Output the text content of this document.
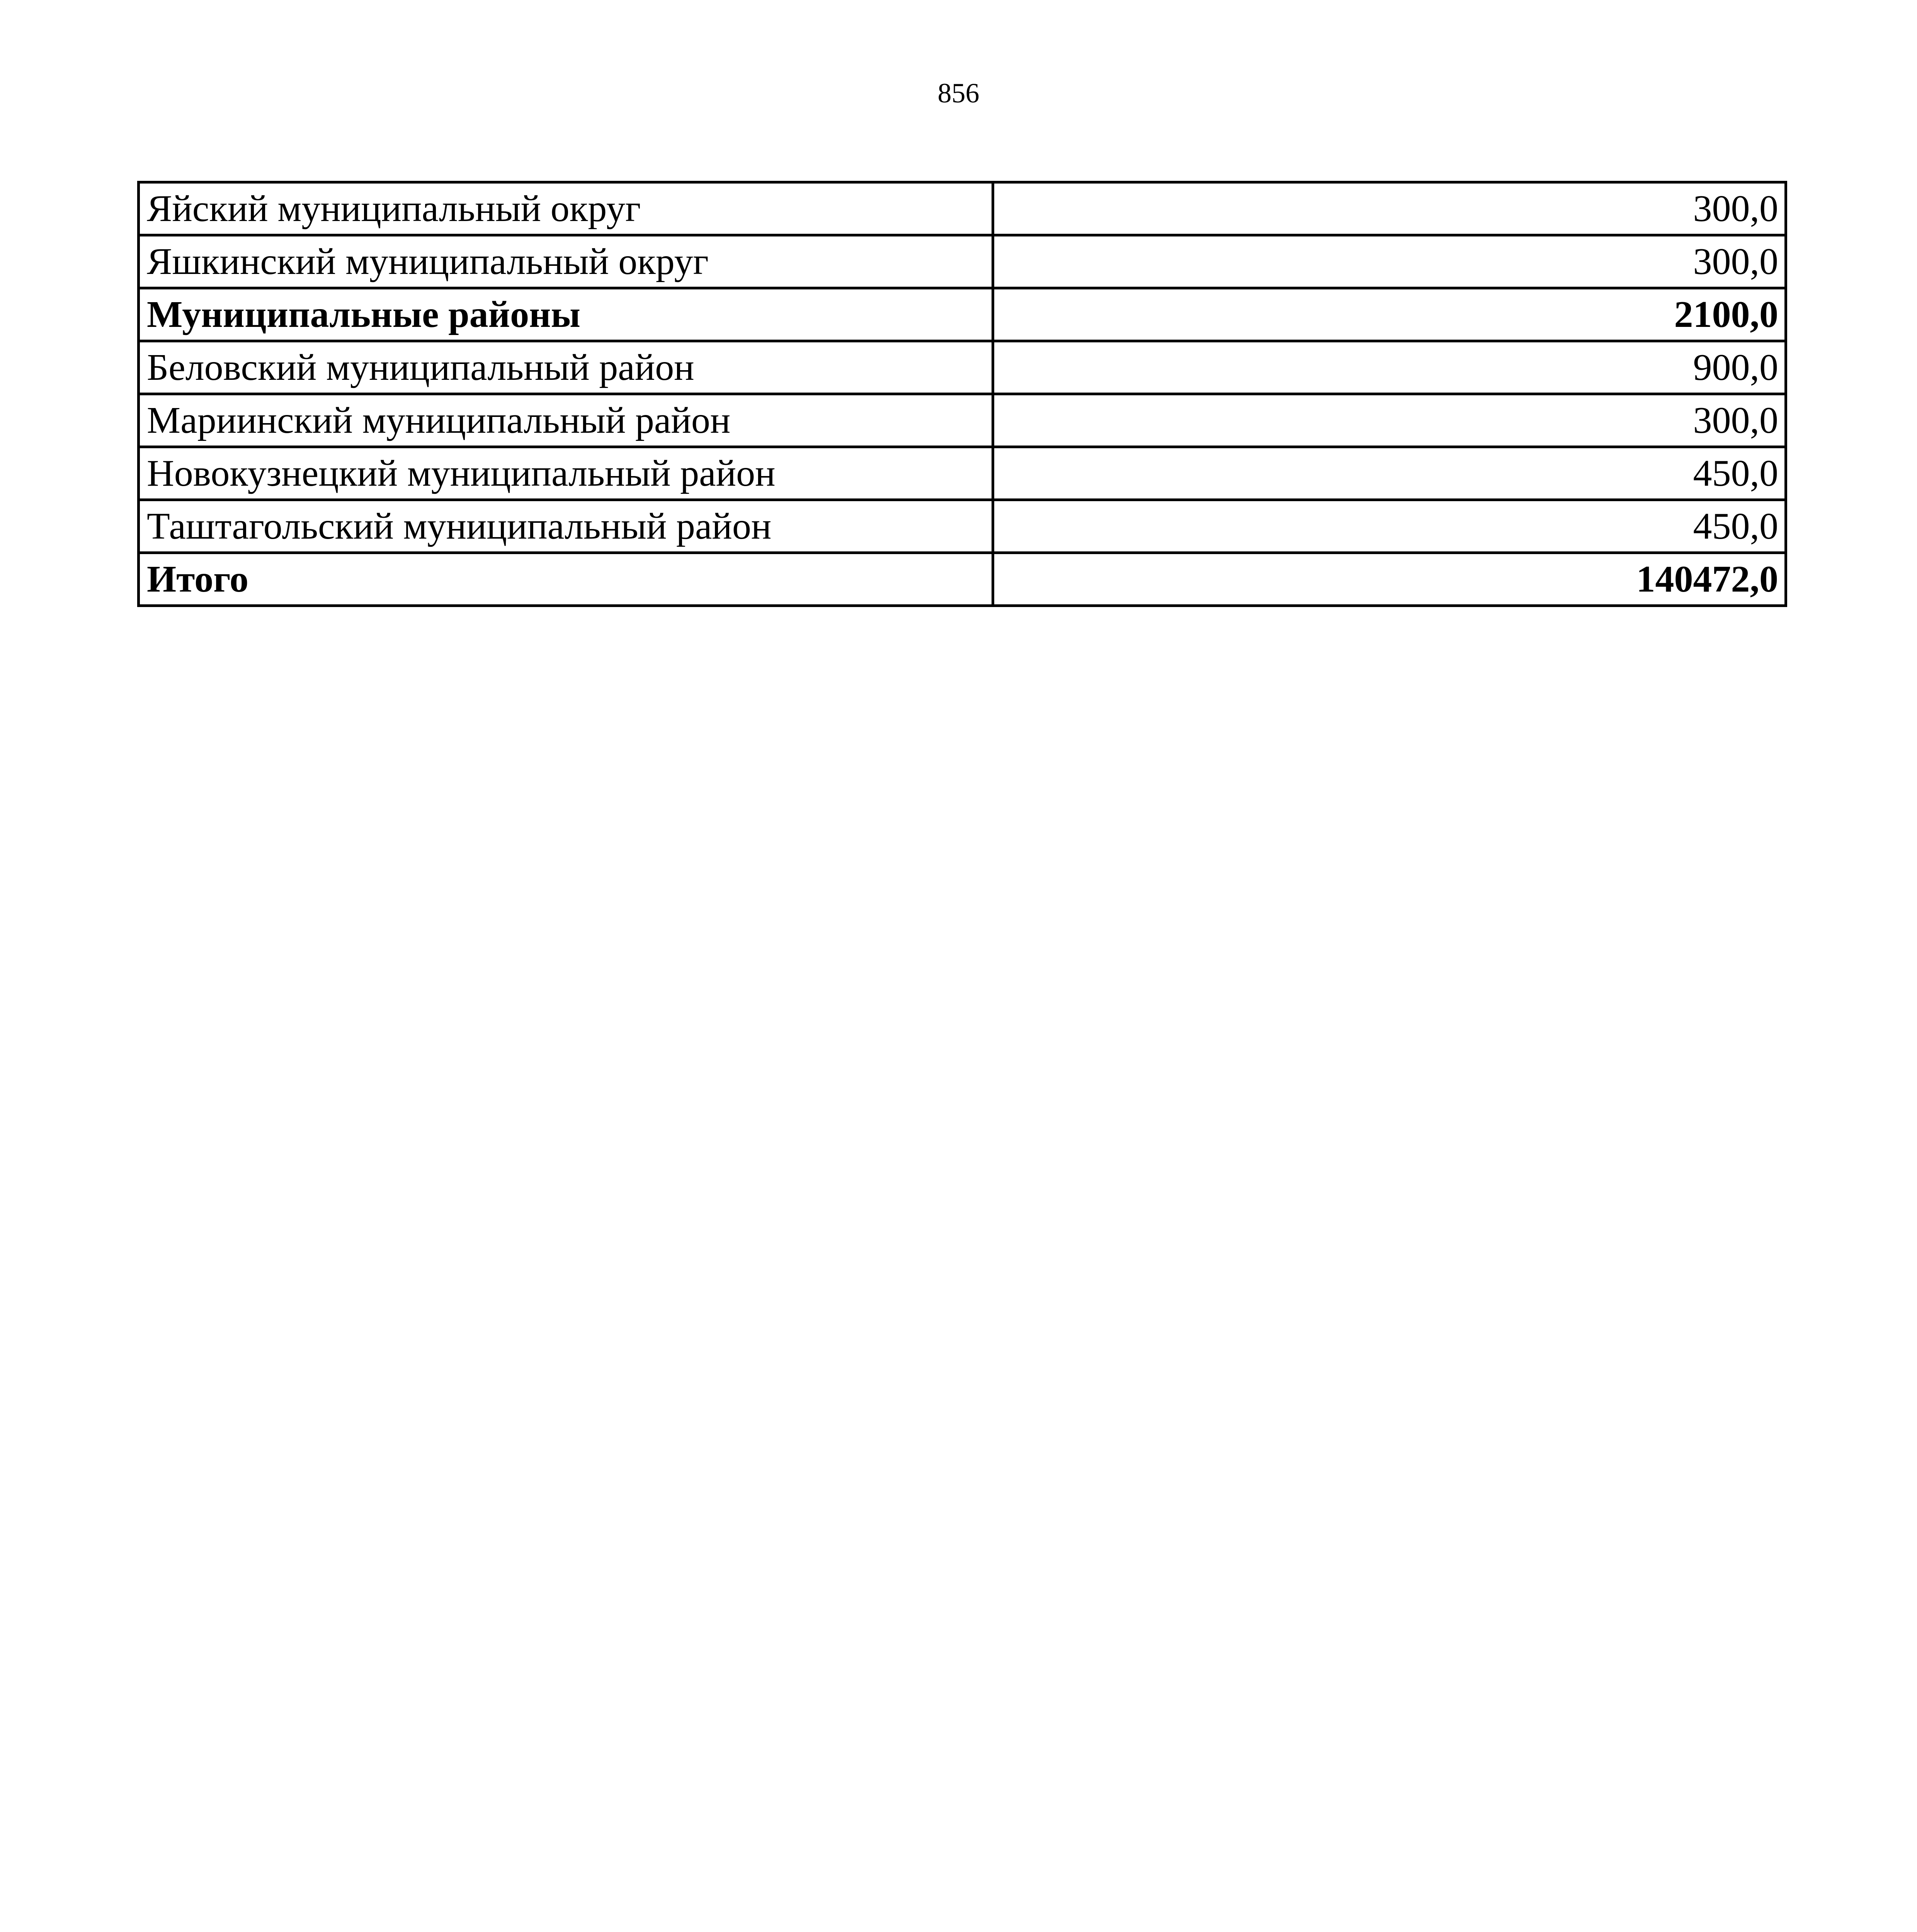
856
Яйский муниципальный округ	300,0
Яшкинский муниципальный округ	300,0
Муниципальные районы	2100,0
Беловский муниципальный район	900,0
Мариинский муниципальный район	300,0
Новокузнецкий муниципальный район	450,0
Таштагольский муниципальный район	450,0
Итого	140472,0
